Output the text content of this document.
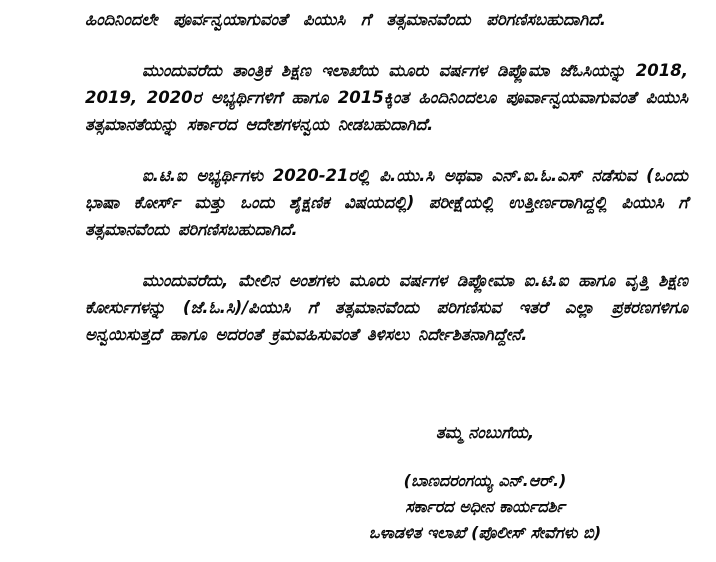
ಹಿಂದಿನಿಂದಲೇ ಪೂರ್ವನ್ವಯಾಗುವಂತೆ ಪಿಯುಸಿ ಗೆ ತತ್ಸಮಾನವೆಂದು ಪರಿಗಣಿಸಬಹುದಾಗಿದೆ.

ಮುಂದುವರೆದು ತಾಂತ್ರಿಕ ಶಿಕ್ಷಣ ಇಲಾಖೆಯ ಮೂರು ವರ್ಷಗಳ ಡಿಪ್ಲೊಮಾ ಜೆಓಸಿಯನ್ನು 2018, 2019, 2020ರ ಅಭ್ಯರ್ಥಿಗಳಿಗೆ ಹಾಗೂ 2015ಕ್ಕಿಂತ ಹಿಂದಿನಿಂದಲೂ ಪೂರ್ವಾನ್ವಯವಾಗುವಂತೆ ಪಿಯುಸಿ ತತ್ಸಮಾನತೆಯನ್ನು ಸರ್ಕಾರದ ಆದೇಶಗಳನ್ವಯ ನೀಡಬಹುದಾಗಿದೆ.

ಐ.ಟಿ.ಐ ಅಭ್ಯರ್ಥಿಗಳು 2020-21ರಲ್ಲಿ ಪಿ.ಯು.ಸಿ ಅಥವಾ ಎನ್.ಐ.ಓ.ಎಸ್ ನಡೆಸುವ (ಒಂದು ಭಾಷಾ ಕೋರ್ಸ್ ಮತ್ತು ಒಂದು ಶೈಕ್ಷಣಿಕ ವಿಷಯದಲ್ಲಿ) ಪರೀಕ್ಷೆಯಲ್ಲಿ ಉತ್ತೀರ್ಣರಾಗಿದ್ದಲ್ಲಿ ಪಿಯುಸಿ ಗೆ ತತ್ಸಮಾನವೆಂದು ಪರಿಗಣಿಸಬಹುದಾಗಿದೆ.

ಮುಂದುವರೆದು, ಮೇಲಿನ ಅಂಶಗಳು ಮೂರು ವರ್ಷಗಳ ಡಿಪ್ಲೋಮಾ ಐ.ಟಿ.ಐ ಹಾಗೂ ವೃತ್ತಿ ಶಿಕ್ಷಣ ಕೋರ್ಸುಗಳನ್ನು (ಜೆ.ಓ.ಸಿ)/ಪಿಯುಸಿ ಗೆ ತತ್ಸಮಾನವೆಂದು ಪರಿಗಣಿಸುವ ಇತರೆ ಎಲ್ಲಾ ಪ್ರಕರಣಗಳಿಗೂ ಅನ್ವಯಿಸುತ್ತದೆ ಹಾಗೂ ಅದರಂತೆ ಕ್ರಮವಹಿಸುವಂತೆ ತಿಳಿಸಲು ನಿರ್ದೇಶಿತನಾಗಿದ್ದೇನೆ.

ತಮ್ಮ ನಂಬುಗೆಯ,

(ಬಾಣದರಂಗಯ್ಯ ಎನ್.ಆರ್.)

ಸರ್ಕಾರದ ಅಧೀನ ಕಾರ್ಯದರ್ಶಿ

ಒಳಾಡಳಿತ ಇಲಾಖೆ (ಪೊಲೀಸ್ ಸೇವೆಗಳು ಬಿ)
